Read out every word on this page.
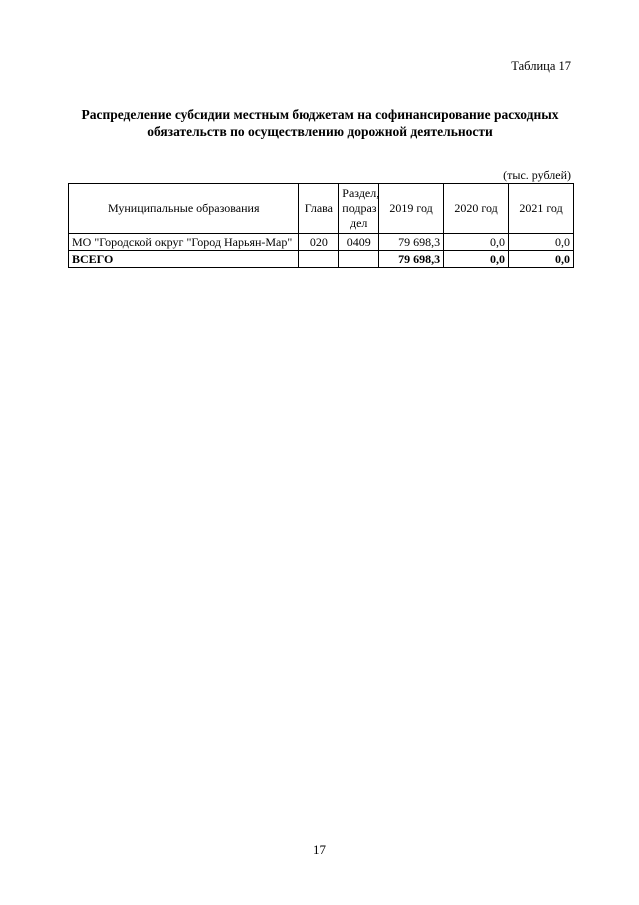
Таблица 17
Распределение субсидии местным бюджетам на софинансирование расходных обязательств по осуществлению дорожной деятельности
(тыс. рублей)
Муниципальные образования	Глава	Раздел, подраз дел	2019 год	2020 год	2021 год
МО "Городской округ "Город Нарьян-Мар"	020	0409	79 698,3	0,0	0,0
ВСЕГО			79 698,3	0,0	0,0
17
